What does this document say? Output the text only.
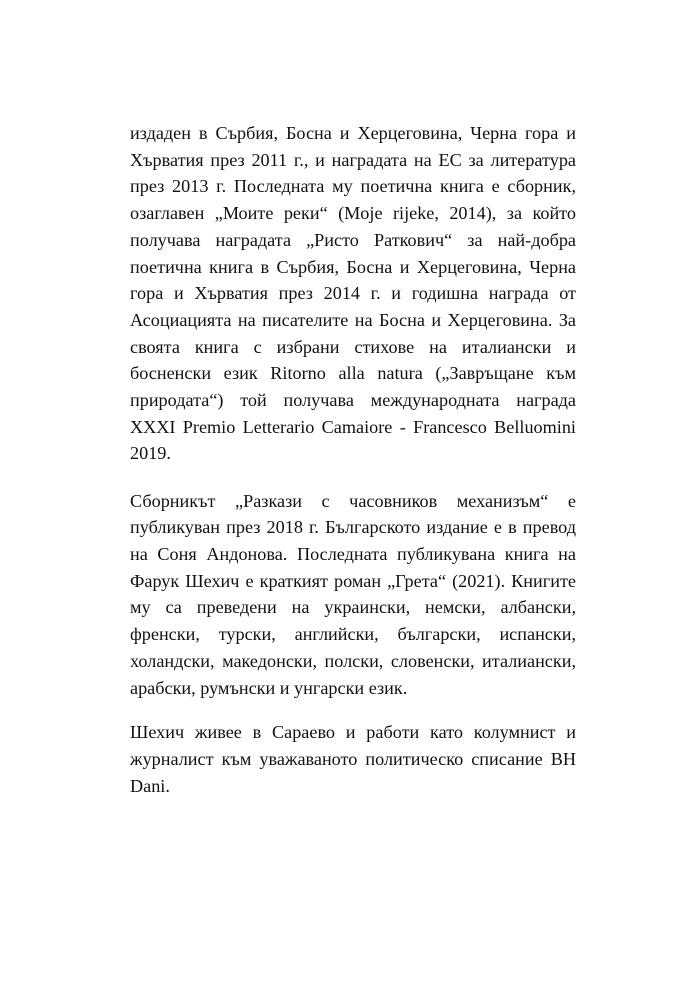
издаден в Сърбия, Босна и Херцеговина, Черна гора и Хърватия през 2011 г., и наградата на ЕС за литература през 2013 г. Последната му поетична книга е сборник, озаглавен „Моите реки“ (Moje rijeke, 2014), за който получава наградата „Ристо Раткович“ за най-добра поетична книга в Сърбия, Босна и Херцеговина, Черна гора и Хърватия през 2014 г. и годишна награда от Асоциацията на писателите на Босна и Херцеговина. За своята книга с избрани стихове на италиански и босненски език Ritorno alla natura („Завръщане към природата“) той получава международната награда XXXI Premio Letterario Camaiore - Francesco Belluomini 2019.

Сборникът „Разкази с часовников механизъм“ е публикуван през 2018 г. Българското издание е в превод на Соня Андонова. Последната публикувана книга на Фарук Шехич е краткият роман „Грета“ (2021). Книгите му са преведени на украински, немски, албански, френски, турски, английски, български, испански, холандски, македонски, полски, словенски, италиански, арабски, румънски и унгарски език.

Шехич живее в Сараево и работи като колумнист и журналист към уважаваното политическо списание BH Dani.
